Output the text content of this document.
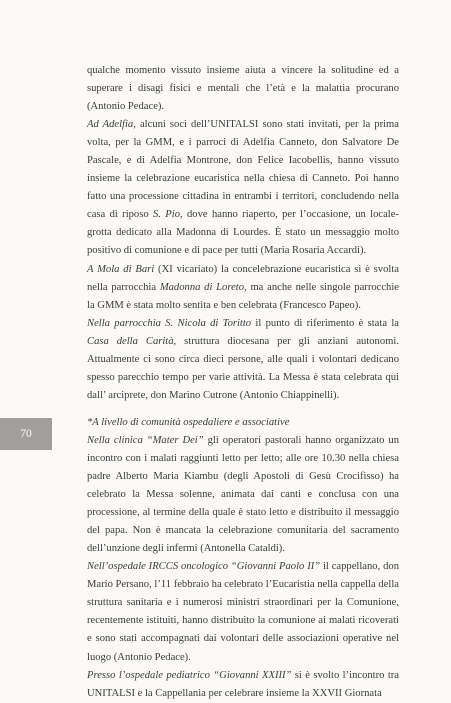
qualche momento vissuto insieme aiuta a vincere la solitudine ed a superare i disagi fisici e mentali che l’età e la malattia procurano (Antonio Pedace).

Ad Adelfia, alcuni soci dell’UNITALSI sono stati invitati, per la prima volta, per la GMM, e i parroci di Adelfia Canneto, don Salvatore De Pascale, e di Adelfia Montrone, don Felice Iacobellis, hanno vissuto insieme la celebrazione eucaristica nella chiesa di Canneto. Poi hanno fatto una processione cittadina in entrambi i territori, concludendo nella casa di riposo S. Pio, dove hanno riaperto, per l’occasione, un locale-grotta dedicato alla Madonna di Lourdes. È stato un messaggio molto positivo di comunione e di pace per tutti (Maria Rosaria Accardi).

A Mola di Bari (XI vicariato) la concelebrazione eucaristica si è svolta nella parrocchia Madonna di Loreto, ma anche nelle singole parrocchie la GMM è stata molto sentita e ben celebrata (Francesco Papeo).

Nella parrocchia S. Nicola di Toritto il punto di riferimento è stata la Casa della Carità, struttura diocesana per gli anziani autonomi. Attualmente ci sono circa dieci persone, alle quali i volontari dedicano spesso parecchio tempo per varie attività. La Messa è stata celebrata qui dall’ arciprete, don Marino Cutrone (Antonio Chiappinelli).

*A livello di comunità ospedaliere e associative

Nella clinica “Mater Dei” gli operatori pastorali hanno organizzato un incontro con i malati raggiunti letto per letto; alle ore 10.30 nella chiesa padre Alberto Maria Kiambu (degli Apostoli di Gesù Crocifisso) ha celebrato la Messa solenne, animata dai canti e conclusa con una processione, al termine della quale è stato letto e distribuito il messaggio del papa. Non è mancata la celebrazione comunitaria del sacramento dell’unzione degli infermi (Antonella Cataldi).

Nell’ospedale IRCCS oncologico “Giovanni Paolo II” il cappellano, don Mario Persano, l’11 febbraio ha celebrato l’Eucaristia nella cappella della struttura sanitaria e i numerosi ministri straordinari per la Comunione, recentemente istituiti, hanno distribuito la comunione ai malati ricoverati e sono stati accompagnati dai volontari delle associazioni operative nel luogo (Antonio Pedace).

Presso l’ospedale pediatrico “Giovanni XXIII” si è svolto l’incontro tra UNITALSI e la Cappellania per celebrare insieme la XXVII Giornata

70
